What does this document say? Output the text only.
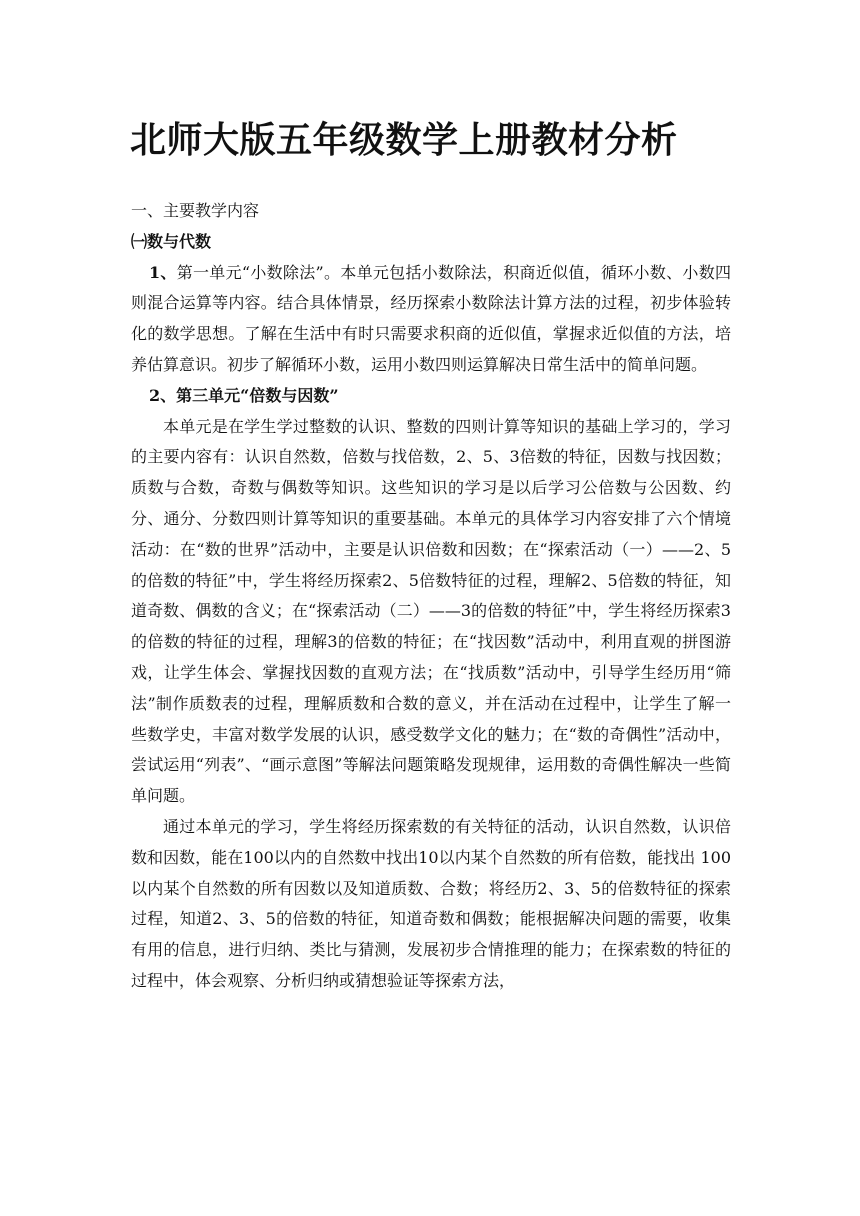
北师大版五年级数学上册教材分析

一、主要教学内容

㈠数与代数

1、第一单元“小数除法”。本单元包括小数除法，积商近似值，循环小数、小数四则混合运算等内容。结合具体情景，经历探索小数除法计算方法的过程，初步体验转化的数学思想。了解在生活中有时只需要求积商的近似值，掌握求近似值的方法，培养估算意识。初步了解循环小数，运用小数四则运算解决日常生活中的简单问题。

2、第三单元“倍数与因数”

本单元是在学生学过整数的认识、整数的四则计算等知识的基础上学习的，学习的主要内容有：认识自然数，倍数与找倍数，2、5、3倍数的特征，因数与找因数；质数与合数，奇数与偶数等知识。这些知识的学习是以后学习公倍数与公因数、约分、通分、分数四则计算等知识的重要基础。本单元的具体学习内容安排了六个情境活动：在“数的世界”活动中，主要是认识倍数和因数；在“探索活动（一）——2、5的倍数的特征”中，学生将经历探索2、5倍数特征的过程，理解2、5倍数的特征，知道奇数、偶数的含义；在“探索活动（二）——3的倍数的特征”中，学生将经历探索3的倍数的特征的过程，理解3的倍数的特征；在“找因数”活动中，利用直观的拼图游戏，让学生体会、掌握找因数的直观方法；在“找质数”活动中，引导学生经历用“筛法”制作质数表的过程，理解质数和合数的意义，并在活动在过程中，让学生了解一些数学史，丰富对数学发展的认识，感受数学文化的魅力；在“数的奇偶性”活动中，尝试运用“列表”、“画示意图”等解法问题策略发现规律，运用数的奇偶性解决一些简单问题。

通过本单元的学习，学生将经历探索数的有关特征的活动，认识自然数，认识倍数和因数，能在100以内的自然数中找出10以内某个自然数的所有倍数，能找出 100以内某个自然数的所有因数以及知道质数、合数；将经历2、3、5的倍数特征的探索过程，知道2、3、5的倍数的特征，知道奇数和偶数；能根据解决问题的需要，收集有用的信息，进行归纳、类比与猜测，发展初步合情推理的能力；在探索数的特征的过程中，体会观察、分析归纳或猜想验证等探索方法，
